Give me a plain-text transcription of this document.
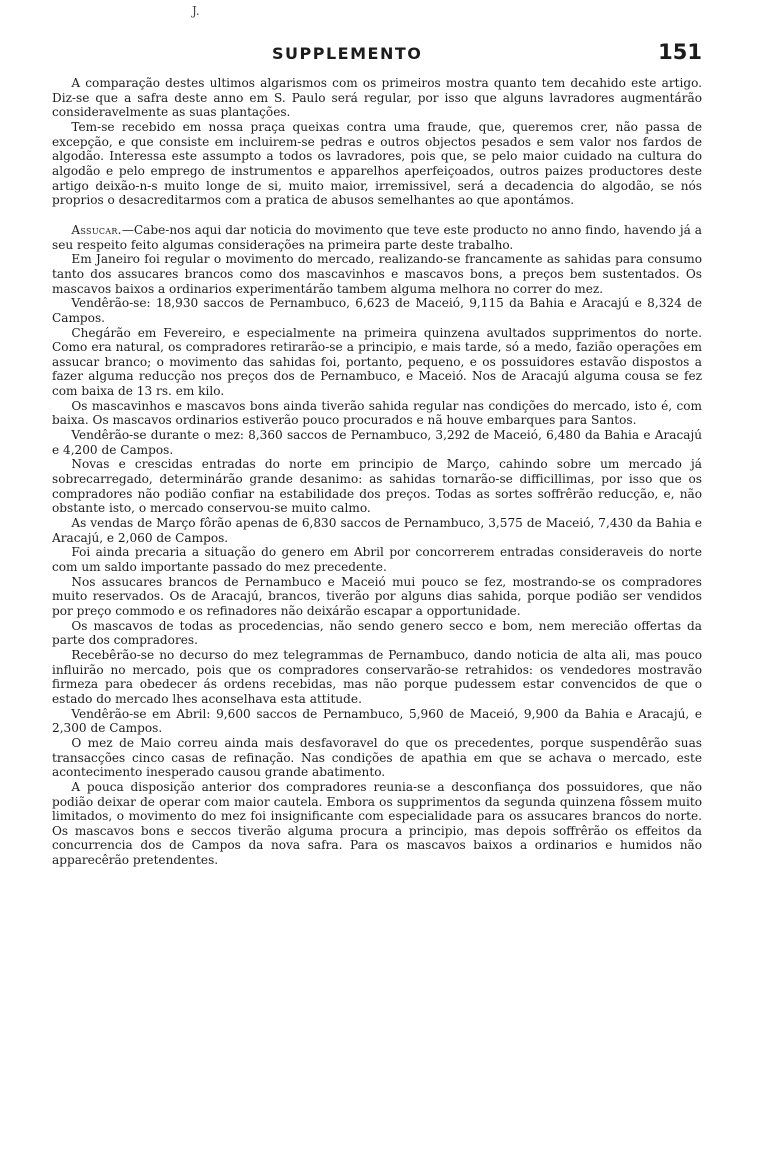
J.
SUPPLEMENTO	151

A comparação destes ultimos algarismos com os primeiros mostra quanto tem decahido este artigo. Diz-se que a safra deste anno em S. Paulo será regular, por isso que alguns lavradores augmentárão consideravelmente as suas plantações.

Tem-se recebido em nossa praça queixas contra uma fraude, que, queremos crer, não passa de excepção, e que consiste em incluirem-se pedras e outros objectos pesados e sem valor nos fardos de algodão. Interessa este assumpto a todos os lavradores, pois que, se pelo maior cuidado na cultura do algodão e pelo emprego de instrumentos e apparelhos aperfeiçoados, outros paizes productores deste artigo deixão-n-s muito longe de si, muito maior, irremissivel, será a decadencia do algodão, se nós proprios o desacreditarmos com a pratica de abusos semelhantes ao que apontámos.

Assucar.—Cabe-nos aqui dar noticia do movimento que teve este producto no anno findo, havendo já a seu respeito feito algumas considerações na primeira parte deste trabalho.

Em Janeiro foi regular o movimento do mercado, realizando-se francamente as sahidas para consumo tanto dos assucares brancos como dos mascavinhos e mascavos bons, a preços bem sustentados. Os mascavos baixos a ordinarios experimentárão tambem alguma melhora no correr do mez.

Vendêrão-se: 18,930 saccos de Pernambuco, 6,623 de Maceió, 9,115 da Bahia e Aracajú e 8,324 de Campos.

Chegárão em Fevereiro, e especialmente na primeira quinzena avultados supprimentos do norte. Como era natural, os compradores retirarão-se a principio, e mais tarde, só a medo, fazião operações em assucar branco; o movimento das sahidas foi, portanto, pequeno, e os possuidores estavão dispostos a fazer alguma reducção nos preços dos de Pernambuco, e Maceió. Nos de Aracajú alguma cousa se fez com baixa de 13 rs. em kilo.

Os mascavinhos e mascavos bons ainda tiverão sahida regular nas condições do mercado, isto é, com baixa. Os mascavos ordinarios estiverão pouco procurados e nã houve embarques para Santos.

Vendêrão-se durante o mez: 8,360 saccos de Pernambuco, 3,292 de Maceió, 6,480 da Bahia e Aracajú e 4,200 de Campos.

Novas e crescidas entradas do norte em principio de Março, cahindo sobre um mercado já sobrecarregado, determinárão grande desanimo: as sahidas tornarão-se difficillimas, por isso que os compradores não podião confiar na estabilidade dos preços. Todas as sortes soffrêrão reducção, e, não obstante isto, o mercado conservou-se muito calmo.

As vendas de Março fôrão apenas de 6,830 saccos de Pernambuco, 3,575 de Maceió, 7,430 da Bahia e Aracajú, e 2,060 de Campos.

Foi ainda precaria a situação do genero em Abril por concorrerem entradas consideraveis do norte com um saldo importante passado do mez precedente.

Nos assucares brancos de Pernambuco e Maceió mui pouco se fez, mostrando-se os compradores muito reservados. Os de Aracajú, brancos, tiverão por alguns dias sahida, porque podião ser vendidos por preço commodo e os refinadores não deixárão escapar a opportunidade.

Os mascavos de todas as procedencias, não sendo genero secco e bom, nem merecião offertas da parte dos compradores.

Recebêrão-se no decurso do mez telegrammas de Pernambuco, dando noticia de alta ali, mas pouco influirão no mercado, pois que os compradores conservarão-se retrahidos: os vendedores mostravão firmeza para obedecer ás ordens recebidas, mas não porque pudessem estar convencidos de que o estado do mercado lhes aconselhava esta attitude.

Vendêrão-se em Abril: 9,600 saccos de Pernambuco, 5,960 de Maceió, 9,900 da Bahia e Aracajú, e 2,300 de Campos.

O mez de Maio correu ainda mais desfavoravel do que os precedentes, porque suspendêrão suas transacções cinco casas de refinação. Nas condições de apathia em que se achava o mercado, este acontecimento inesperado causou grande abatimento.

A pouca disposição anterior dos compradores reunia-se a desconfiança dos possuidores, que não podião deixar de operar com maior cautela. Embora os supprimentos da segunda quinzena fôssem muito limitados, o movimento do mez foi insignificante com especialidade para os assucares brancos do norte. Os mascavos bons e seccos tiverão alguma procura a principio, mas depois soffrêrão os effeitos da concurrencia dos de Campos da nova safra. Para os mascavos baixos a ordinarios e humidos não apparecêrão pretendentes.
